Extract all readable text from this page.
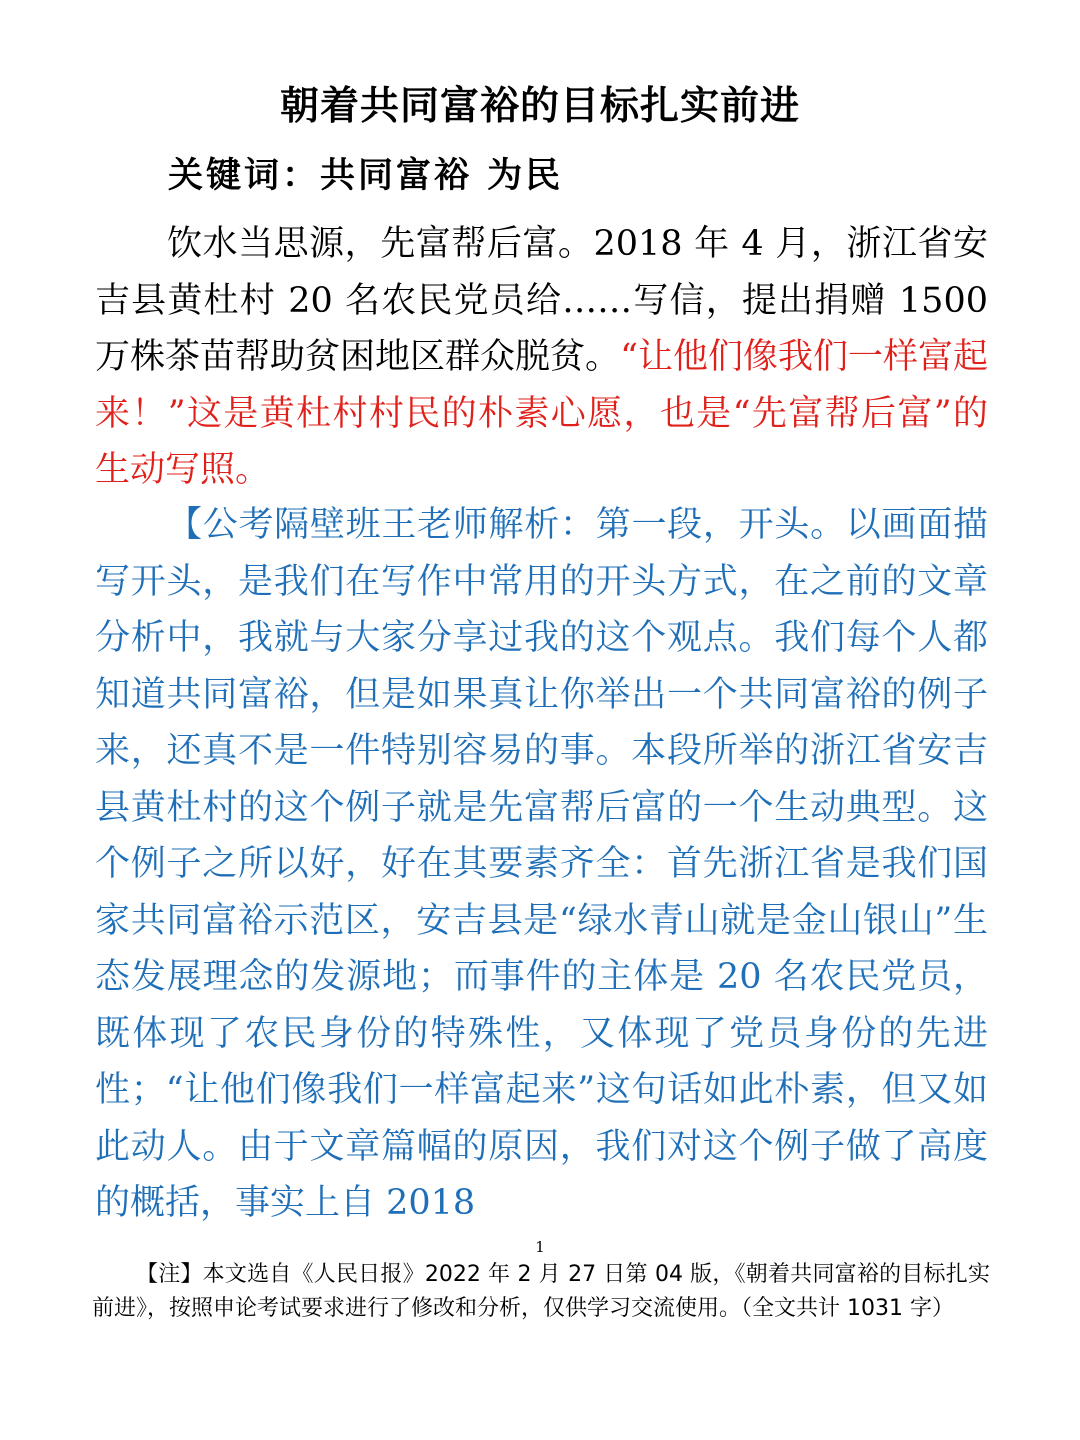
朝着共同富裕的目标扎实前进
关键词：共同富裕 为民

饮水当思源，先富帮后富。2018 年 4 月，浙江省安吉县黄杜村 20 名农民党员给……写信，提出捐赠 1500 万株茶苗帮助贫困地区群众脱贫。“让他们像我们一样富起来！”这是黄杜村村民的朴素心愿，也是“先富帮后富”的生动写照。

【公考隔壁班王老师解析：第一段，开头。以画面描写开头，是我们在写作中常用的开头方式，在之前的文章分析中，我就与大家分享过我的这个观点。我们每个人都知道共同富裕，但是如果真让你举出一个共同富裕的例子来，还真不是一件特别容易的事。本段所举的浙江省安吉县黄杜村的这个例子就是先富帮后富的一个生动典型。这个例子之所以好，好在其要素齐全：首先浙江省是我们国家共同富裕示范区，安吉县是“绿水青山就是金山银山”生态发展理念的发源地；而事件的主体是 20 名农民党员，既体现了农民身份的特殊性，又体现了党员身份的先进性；“让他们像我们一样富起来”这句话如此朴素，但又如此动人。由于文章篇幅的原因，我们对这个例子做了高度的概括，事实上自 2018

1

【注】本文选自《人民日报》2022 年 2 月 27 日第 04 版，《朝着共同富裕的目标扎实前进》，按照申论考试要求进行了修改和分析，仅供学习交流使用。（全文共计 1031 字）
